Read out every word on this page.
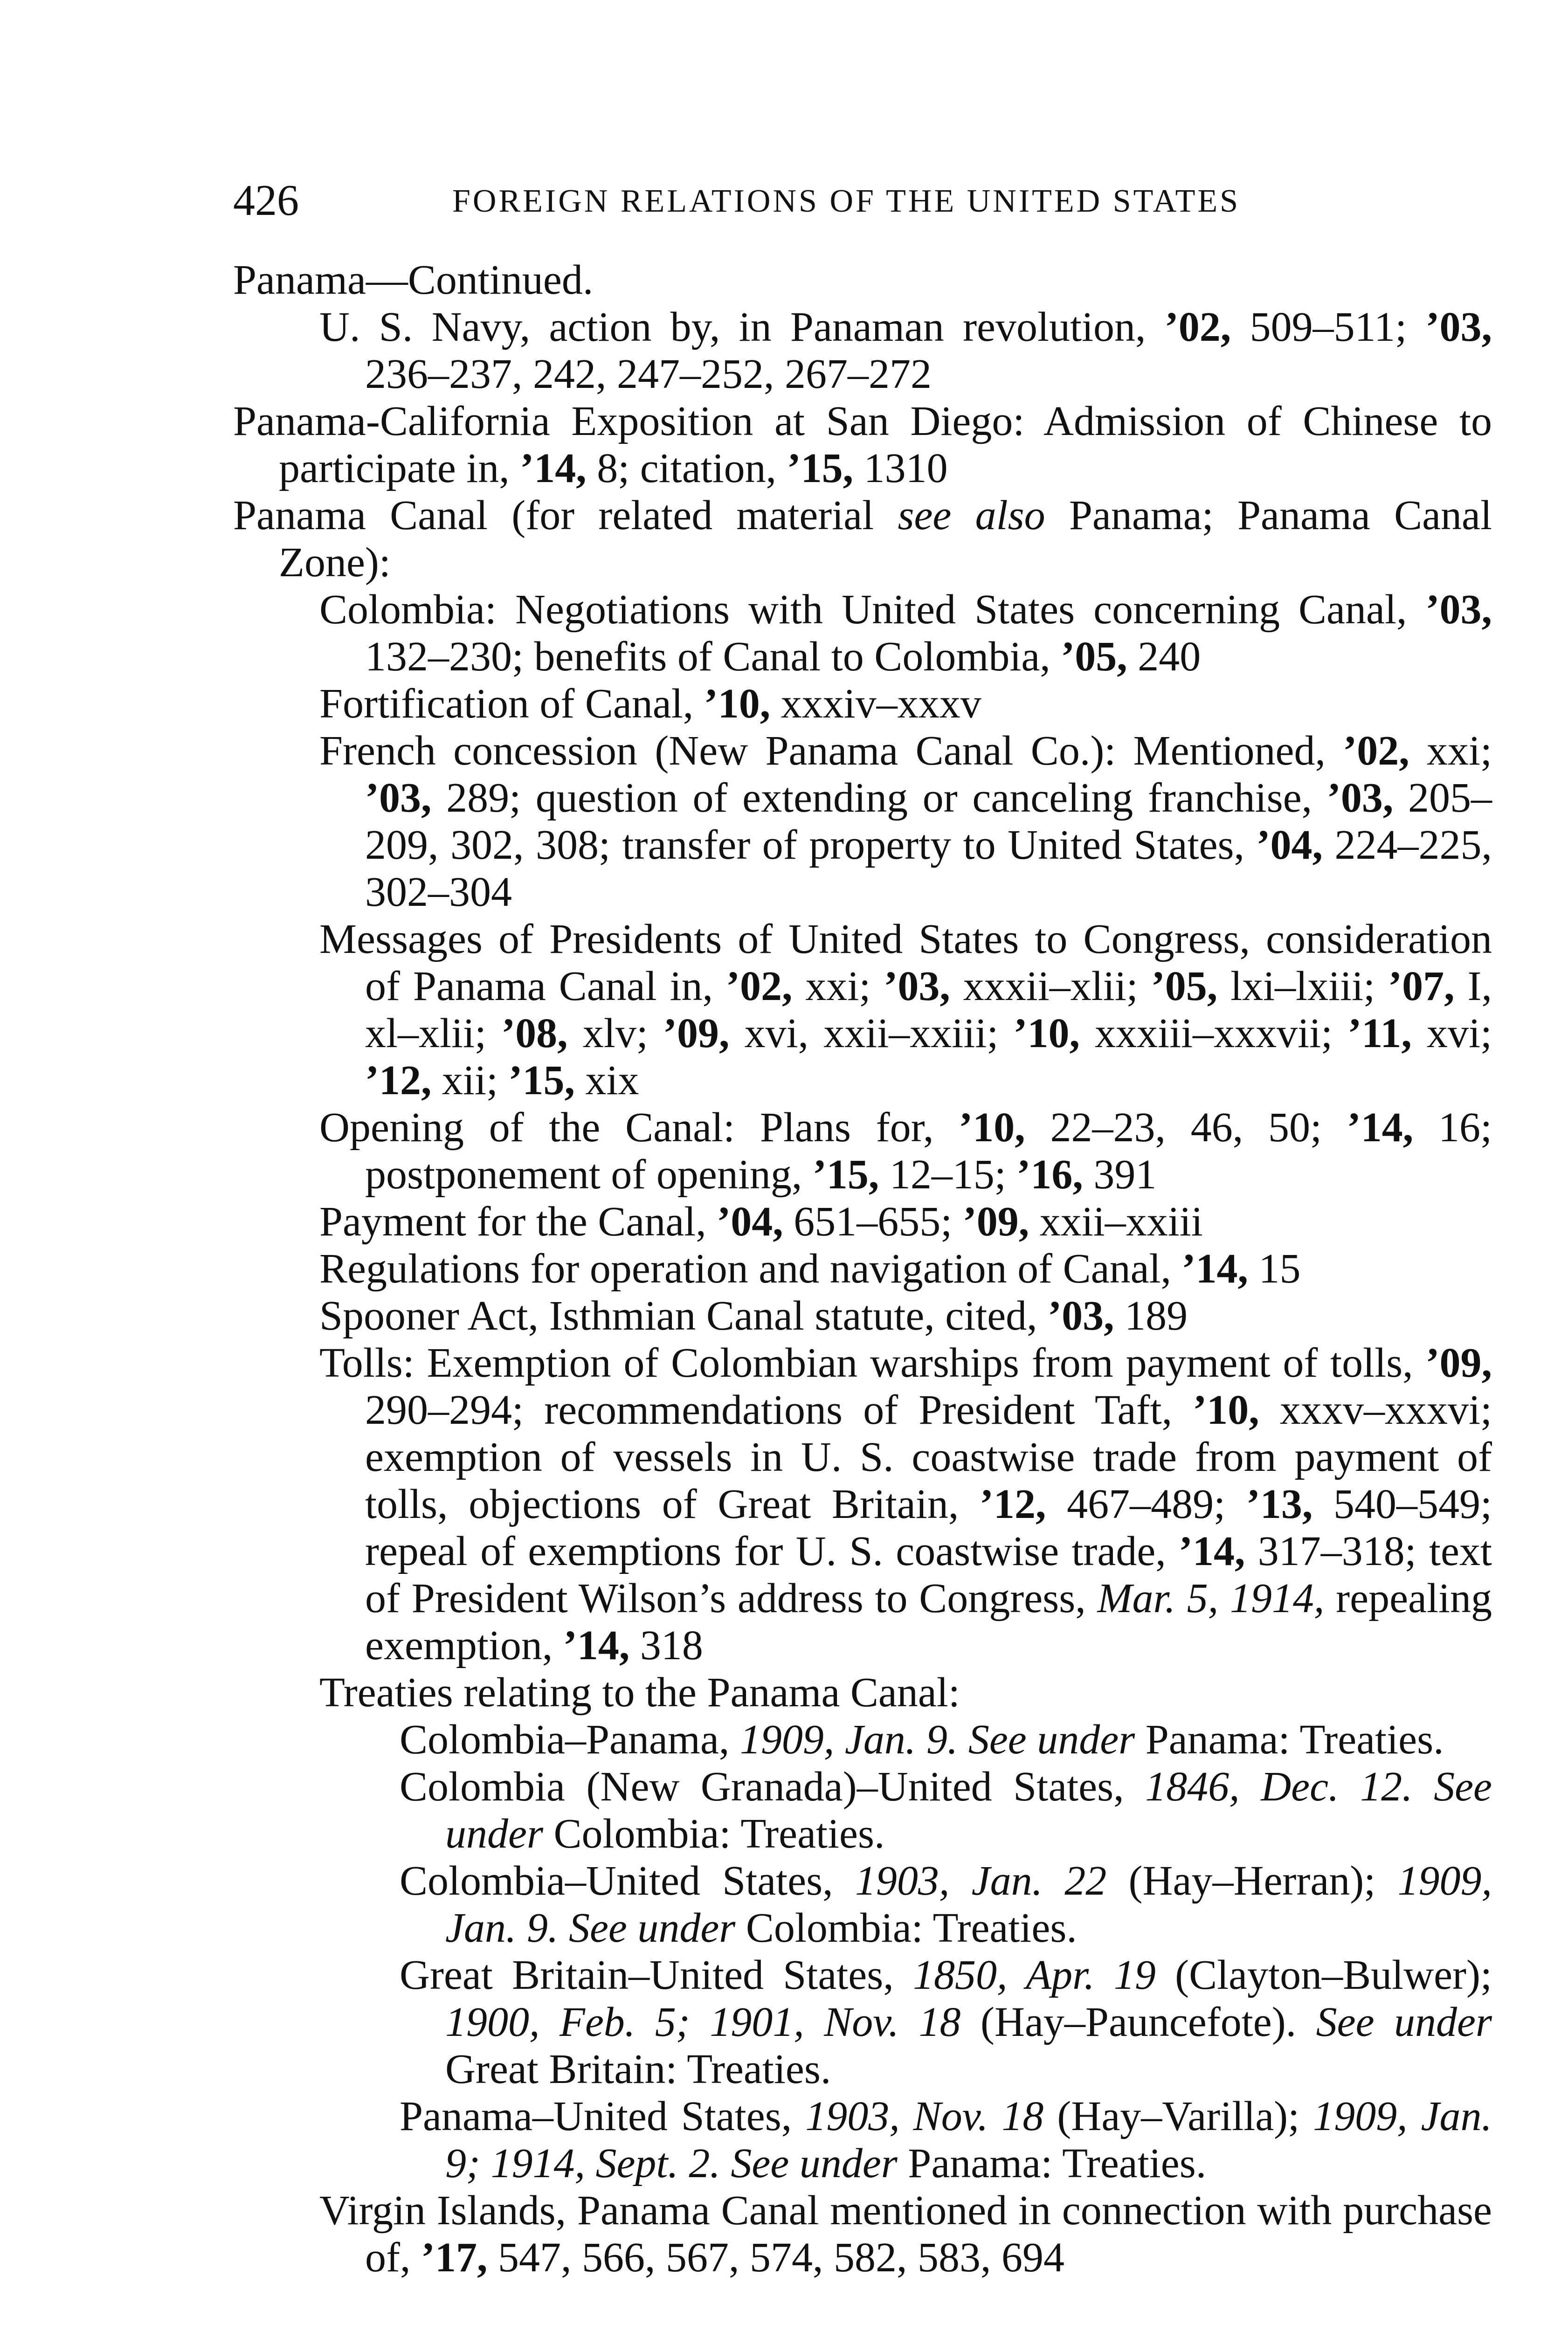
426	FOREIGN RELATIONS OF THE UNITED STATES

Panama—Continued.

U. S. Navy, action by, in Panaman revolution, ’02, 509–511; ’03, 236–237, 242, 247–252, 267–272

Panama-California Exposition at San Diego: Admission of Chinese to participate in, ’14, 8; citation, ’15, 1310

Panama Canal (for related material see also Panama; Panama Canal Zone):

Colombia: Negotiations with United States concerning Canal, ’03, 132–230; benefits of Canal to Colombia, ’05, 240

Fortification of Canal, ’10, xxxiv–xxxv

French concession (New Panama Canal Co.): Mentioned, ’02, xxi; ’03, 289; question of extending or canceling franchise, ’03, 205–209, 302, 308; transfer of property to United States, ’04, 224–225, 302–304

Messages of Presidents of United States to Congress, consideration of Panama Canal in, ’02, xxi; ’03, xxxii–xlii; ’05, lxi–lxiii; ’07, I, xl–xlii; ’08, xlv; ’09, xvi, xxii–xxiii; ’10, xxxiii–xxxvii; ’11, xvi; ’12, xii; ’15, xix

Opening of the Canal: Plans for, ’10, 22–23, 46, 50; ’14, 16; postponement of opening, ’15, 12–15; ’16, 391

Payment for the Canal, ’04, 651–655; ’09, xxii–xxiii

Regulations for operation and navigation of Canal, ’14, 15

Spooner Act, Isthmian Canal statute, cited, ’03, 189

Tolls: Exemption of Colombian warships from payment of tolls, ’09, 290–294; recommendations of President Taft, ’10, xxxv–xxxvi; exemption of vessels in U. S. coastwise trade from payment of tolls, objections of Great Britain, ’12, 467–489; ’13, 540–549; repeal of exemptions for U. S. coastwise trade, ’14, 317–318; text of President Wilson’s address to Congress, Mar. 5, 1914, repealing exemption, ’14, 318

Treaties relating to the Panama Canal:

Colombia–Panama, 1909, Jan. 9. See under Panama: Treaties.

Colombia (New Granada)–United States, 1846, Dec. 12. See under Colombia: Treaties.

Colombia–United States, 1903, Jan. 22 (Hay–Herran); 1909, Jan. 9. See under Colombia: Treaties.

Great Britain–United States, 1850, Apr. 19 (Clayton–Bulwer); 1900, Feb. 5; 1901, Nov. 18 (Hay–Pauncefote). See under Great Britain: Treaties.

Panama–United States, 1903, Nov. 18 (Hay–Varilla); 1909, Jan. 9; 1914, Sept. 2. See under Panama: Treaties.

Virgin Islands, Panama Canal mentioned in connection with purchase of, ’17, 547, 566, 567, 574, 582, 583, 694
